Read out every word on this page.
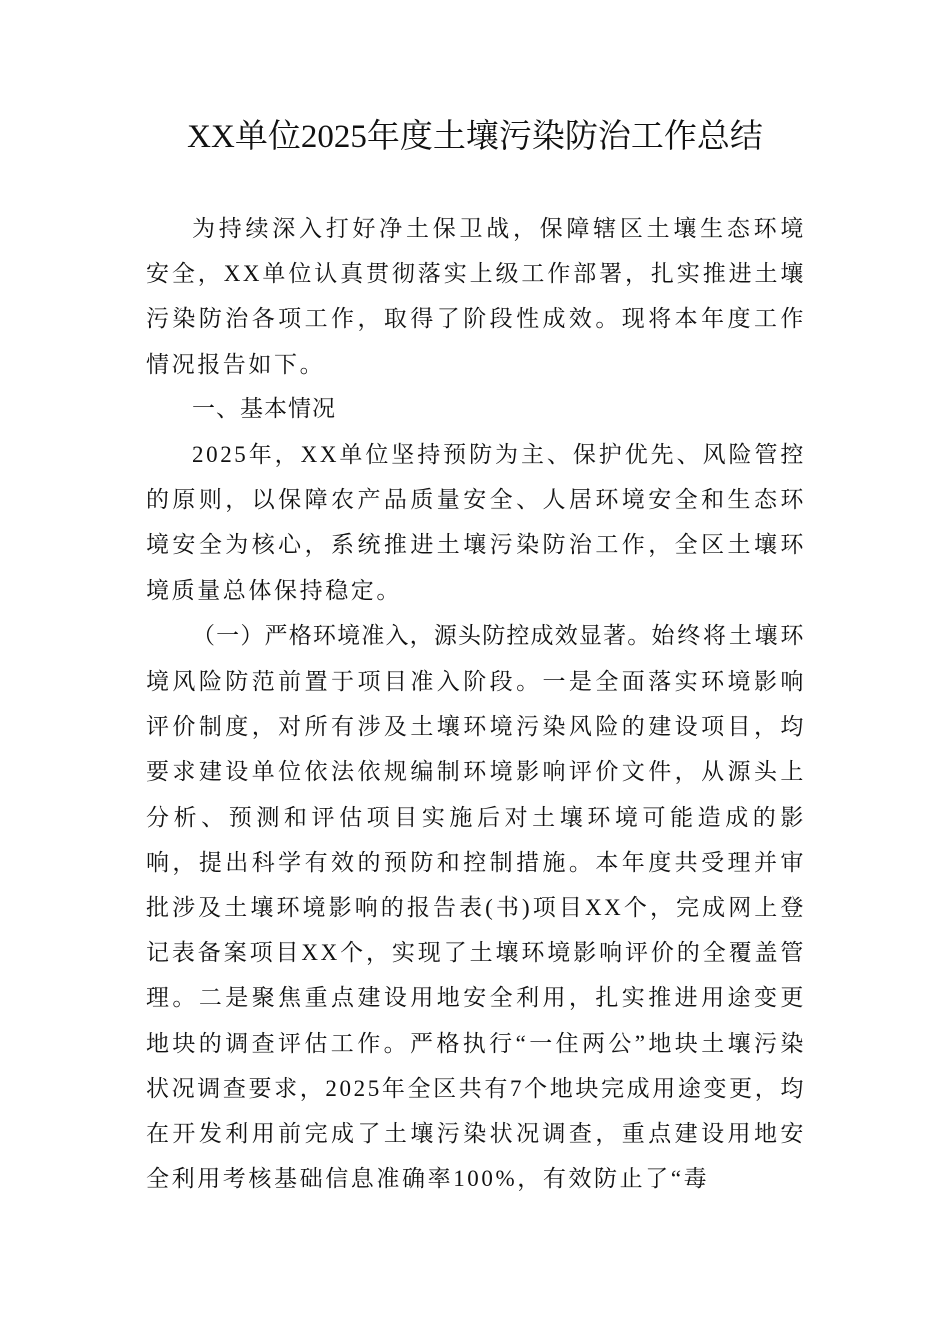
XX单位2025年度土壤污染防治工作总结

为持续深入打好净土保卫战，保障辖区土壤生态环境安全，XX单位认真贯彻落实上级工作部署，扎实推进土壤污染防治各项工作，取得了阶段性成效。现将本年度工作情况报告如下。

一、基本情况

2025年，XX单位坚持预防为主、保护优先、风险管控的原则，以保障农产品质量安全、人居环境安全和生态环境安全为核心，系统推进土壤污染防治工作，全区土壤环境质量总体保持稳定。

（一）严格环境准入，源头防控成效显著。始终将土壤环境风险防范前置于项目准入阶段。一是全面落实环境影响评价制度，对所有涉及土壤环境污染风险的建设项目，均要求建设单位依法依规编制环境影响评价文件，从源头上分析、预测和评估项目实施后对土壤环境可能造成的影响，提出科学有效的预防和控制措施。本年度共受理并审批涉及土壤环境影响的报告表(书)项目XX个，完成网上登记表备案项目XX个，实现了土壤环境影响评价的全覆盖管理。二是聚焦重点建设用地安全利用，扎实推进用途变更地块的调查评估工作。严格执行“一住两公”地块土壤污染状况调查要求，2025年全区共有7个地块完成用途变更，均在开发利用前完成了土壤污染状况调查，重点建设用地安全利用考核基础信息准确率100%，有效防止了“毒
